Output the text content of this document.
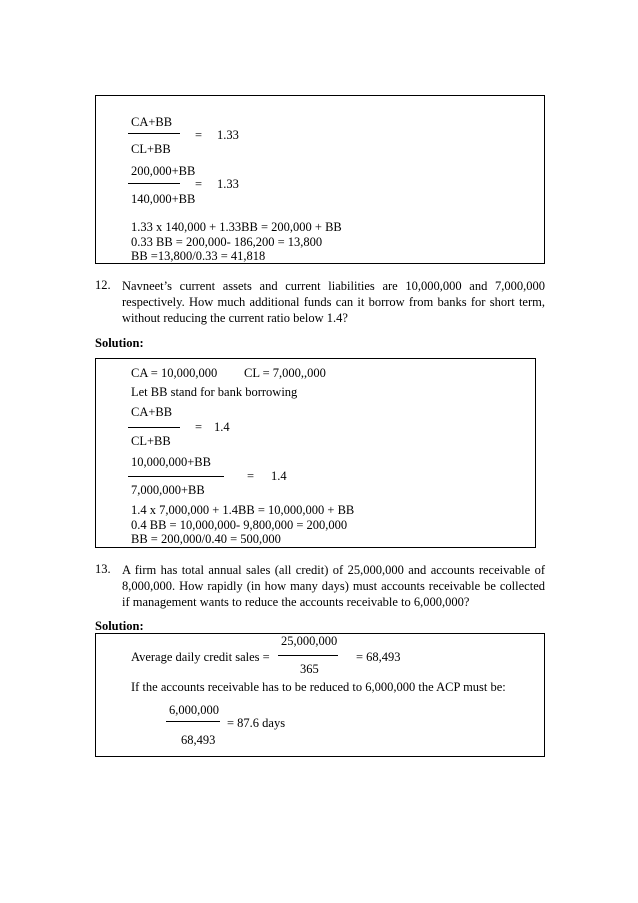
CA+BB
= 1.33
CL+BB
200,000+BB
= 1.33
140,000+BB
1.33 x 140,000 + 1.33BB = 200,000 + BB
0.33 BB = 200,000- 186,200 = 13,800
BB =13,800/0.33 = 41,818
12. Navneet’s current assets and current liabilities are 10,000,000 and 7,000,000 respectively. How much additional funds can it borrow from banks for short term, without reducing the current ratio below 1.4?
Solution:
CA = 10,000,000 CL = 7,000,,000
Let BB stand for bank borrowing
CA+BB
= 1.4
CL+BB
10,000,000+BB
= 1.4
7,000,000+BB
1.4 x 7,000,000 + 1.4BB = 10,000,000 + BB
0.4 BB = 10,000,000- 9,800,000 = 200,000
BB = 200,000/0.40 = 500,000
13. A firm has total annual sales (all credit) of 25,000,000 and accounts receivable of 8,000,000. How rapidly (in how many days) must accounts receivable be collected if management wants to reduce the accounts receivable to 6,000,000?
Solution:
25,000,000
Average daily credit sales =	= 68,493
365
If the accounts receivable has to be reduced to 6,000,000 the ACP must be:
6,000,000
= 87.6 days
68,493
